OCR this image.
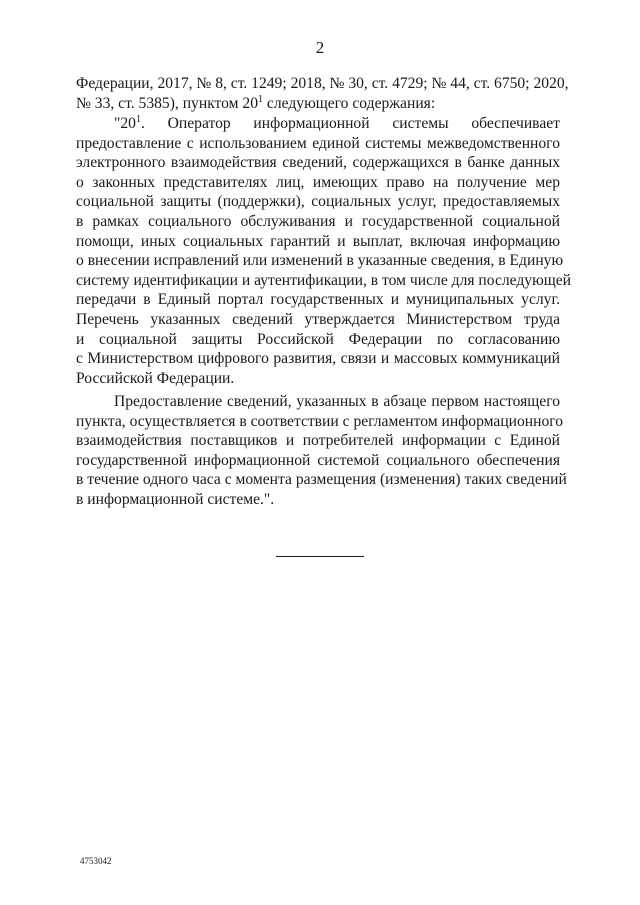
2
Федерации, 2017, № 8, ст. 1249; 2018, № 30, ст. 4729; № 44, ст. 6750; 2020,
№ 33, ст. 5385), пунктом $20^1$ следующего содержания:
"$20^1$. Оператор информационной системы обеспечивает
предоставление с использованием единой системы межведомственного
электронного взаимодействия сведений, содержащихся в банке данных
о законных представителях лиц, имеющих право на получение мер
социальной защиты (поддержки), социальных услуг, предоставляемых
в рамках социального обслуживания и государственной социальной
помощи, иных социальных гарантий и выплат, включая информацию
о внесении исправлений или изменений в указанные сведения, в Единую
систему идентификации и аутентификации, в том числе для последующей
передачи в Единый портал государственных и муниципальных услуг.
Перечень указанных сведений утверждается Министерством труда
и социальной защиты Российской Федерации по согласованию
с Министерством цифрового развития, связи и массовых коммуникаций
Российской Федерации.
Предоставление сведений, указанных в абзаце первом настоящего
пункта, осуществляется в соответствии с регламентом информационного
взаимодействия поставщиков и потребителей информации с Единой
государственной информационной системой социального обеспечения
в течение одного часа с момента размещения (изменения) таких сведений
в информационной системе.".
4753042
